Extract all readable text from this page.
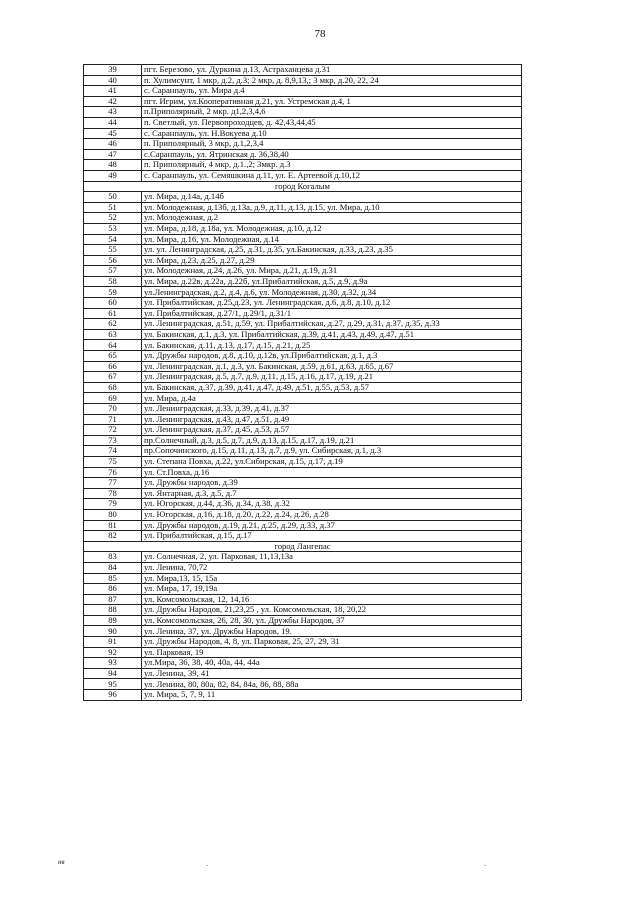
78
39	пгт. Березово, ул. Дуркина д.13, Астраханцева д.31
40	п. Хулимсунт, 1 мкр, д.2, д.3; 2 мкр, д. 8,9,13,; 3 мкр, д.20, 22, 24
41	с. Саранпауль, ул. Мира д.4
42	пгт. Игрим, ул.Кооперативная д.21, ул. Устремская д.4, 1
43	п.Приполярный, 2 мкр. д1,2,3,4,6
44	п. Светлый, ул. Первопроходцев, д. 42,43,44,45
45	с. Саранпауль, ул. Н.Вокуева д.10
46	п. Приполярный, 3 мкр, д.1,2,3,4
47	с.Саранпауль, ул. Ятринская д. 36,38,40
48	п. Приполярный, 4 мкр, д.1.,2; 3мкр. д.3
49	с. Саранпауль, ул. Семяшкина д.11, ул. Е. Артеевой д.10,12
город Когалым	
50	ул. Мира, д.14а, д.14б
51	ул. Молодежная, д.13б, д.13а, д.9, д.11, д.13, д.15, ул. Мира, д.10
52	ул. Молодежная, д.2
53	ул. Мира, д.18, д.18а, ул. Молодежная, д.10, д.12
54	ул. Мира, д.16, ул. Молодежная, д.14
55	ул. ул. Ленинградская, д.25, д.31, д.35, ул.Бакинская, д.33, д.23, д.35
56	ул. Мира, д.23, д.25, д.27, д.29
57	ул. Молодежная, д.24, д.26, ул. Мира, д.21, д.19, д.31
58	ул. Мира, д.22в, д.22а, д.22б, ул.Прибалтийская, д.5, д.9, д.9а
59	ул.Ленинградская, д.2, д.4, д.6, ул. Молодежная, д.30, д.32, д.34
60	ул. Прибалтийская, д.25,д.23, ул. Ленинградская, д.6, д.8, д.10, д.12
61	ул. Прибалтийская, д.27/1, д.29/1, д.31/1
62	ул. Ленинградская, д.51, д.59, ул. Прибалтийская, д.27, д.29, д.31, д.37, д.35, д.33
63	ул. Бакинская, д.1, д.3, ул. Прибалтийская, д.39, д.41, д.43, д.49, д.47, д.51
64	ул. Бакинская, д.11, д.13, д.17, д.15, д.21, д.25
65	ул. Дружбы народов, д.8, д.10, д.12в, ул.Прибалтийская, д.1, д.3
66	ул. Ленинградская, д.1, д.3, ул. Бакинская, д.59, д.61, д.63, д.65, д.67
67	ул. Ленинградская, д.5, д.7, д.9, д.11, д.15, д.16, д.17, д.19, д.21
68	ул. Бакинская, д.37, д.39, д.41, д.47, д.49, д.51, д.55, д.53, д.57
69	ул. Мира, д.4а
70	ул. Ленинградская, д.33, д.39, д.41, д.37
71	ул. Ленинградская, д.43, д.47, д.51, д.49
72	ул. Ленинградская, д.37, д.45, д.53, д.57
73	пр.Солнечный, д.3, д.5, д.7, д.9, д.13, д.15, д.17, д.19, д.21
74	пр.Сопочинского, д.15, д.11, д.13, д.7, д.9, ул. Сибирская, д.1, д.3
75	ул. Степана Повха, д.22, ул.Сибирская, д.15, д.17, д.19
76	ул. Ст.Повха, д.16
77	ул. Дружбы народов, д.39
78	ул. Янтарная, д.3, д.5, д.7
79	ул. Югорская, д.44, д.36, д.34, д.38, д.32
80	ул. Югорская, д.16, д.18, д.20, д.22, д.24, д.26, д.28
81	ул. Дружбы народов, д.19, д.21, д.25, д.29, д.33, д.37
82	ул. Прибалтийская, д.15, д.17
город Лангепас	
83	ул. Солнечная, 2, ул. Парковая, 11,13,13а
84	ул. Ленина, 70,72
85	ул. Мира,13, 15, 15а
86	ул. Мира, 17, 19,19а
87	ул. Комсомольская, 12, 14,16
88	ул. Дружбы Народов, 21,23,25 , ул. Комсомольская, 18, 20,22
89	ул. Комсомольская, 26, 28, 30, ул. Дружбы Народов, 37
90	ул. Ленина, 37, ул. Дружбы Народов, 19.
91	ул. Дружбы Народов, 4, 8, ул. Парковая, 25, 27, 29, 31
92	ул. Парковая, 19
93	ул.Мира, 36, 38, 40, 40а, 44, 44а
94	ул. Ленина, 39, 41
95	ул. Ленина, 80, 80а, 82, 84, 84а, 86, 88, 88а
96	ул. Мира, 5, 7, 9, 11
нв	·	·
